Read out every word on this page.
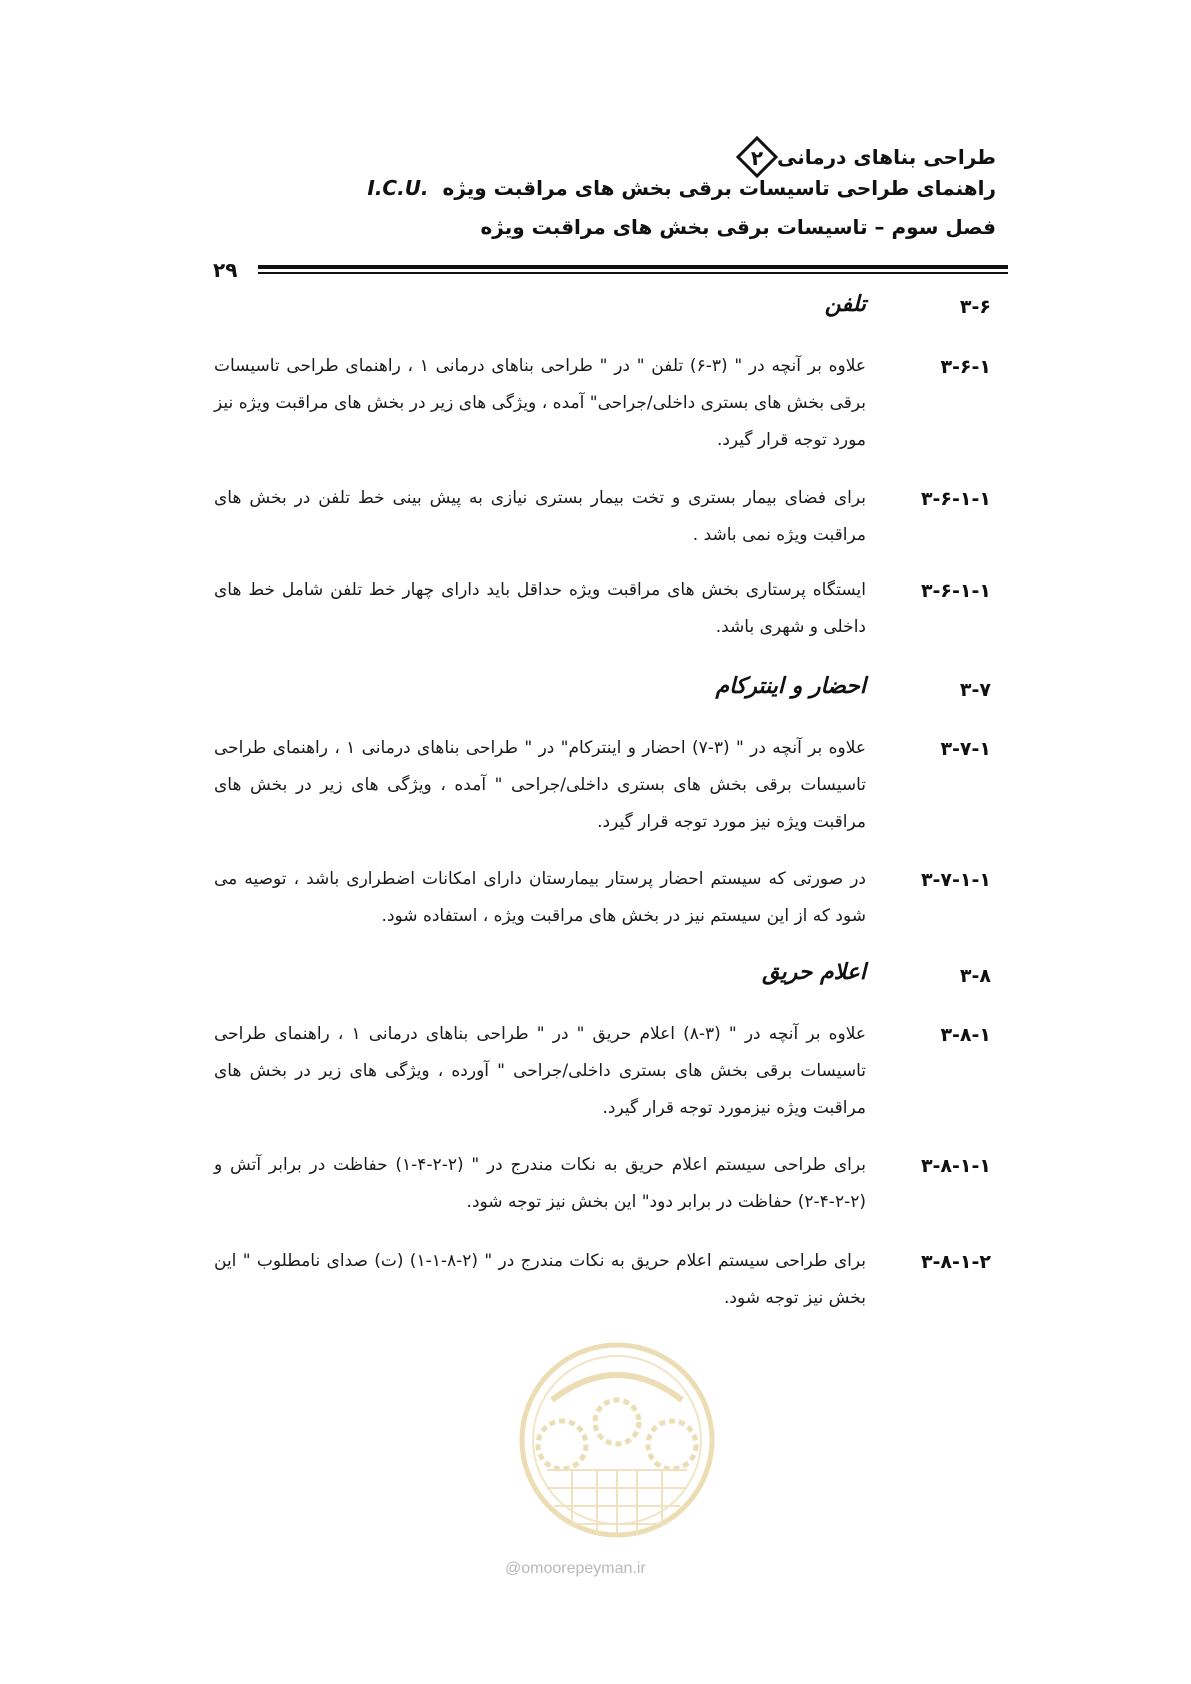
طراحی بناهای درمانی
۲
راهنمای طراحی تاسیسات برقی بخش های مراقبت ویژهI.C.U.
فصل سوم – تاسیسات برقی بخش های مراقبت ویژه
۲۹
۳-۶
تلفن
۳-۶-۱
علاوه بر آنچه در " (۳-۶) تلفن " در " طراحی بناهای درمانی ۱ ، راهنمای طراحی تاسیسات برقی بخش های بستری داخلی/جراحی" آمده ، ویژگی های زیر در بخش های مراقبت ویژه نیز مورد توجه قرار گیرد.
۳-۶-۱-۱
برای فضای بیمار بستری و تخت بیمار بستری نیازی به پیش بینی خط تلفن در بخش های مراقبت ویژه نمی باشد .
۳-۶-۱-۱
ایستگاه پرستاری بخش های مراقبت ویژه حداقل باید دارای چهار خط تلفن شامل خط های داخلی و شهری باشد.
۳-۷
احضار و اینترکام
۳-۷-۱
علاوه بر آنچه در " (۳-۷) احضار و اینترکام" در " طراحی بناهای درمانی ۱ ، راهنمای طراحی تاسیسات برقی بخش های بستری داخلی/جراحی " آمده ، ویژگی های زیر در بخش های مراقبت ویژه نیز مورد توجه قرار گیرد.
۳-۷-۱-۱
در صورتی که سیستم احضار پرستار بیمارستان دارای امکانات اضطراری باشد ، توصیه می شود که از این سیستم نیز در بخش های مراقبت ویژه ، استفاده شود.
۳-۸
اعلام حریق
۳-۸-۱
علاوه بر آنچه در " (۳-۸) اعلام حریق " در " طراحی بناهای درمانی ۱ ، راهنمای طراحی تاسیسات برقی بخش های بستری داخلی/جراحی " آورده ، ویژگی های زیر در بخش های مراقبت ویژه نیزمورد توجه قرار گیرد.
۳-۸-۱-۱
برای طراحی سیستم اعلام حریق به نکات مندرج در " (۲-۲-۴-۱) حفاظت در برابر آتش و (۲-۲-۴-۲) حفاظت در برابر دود" این بخش نیز توجه شود.
۳-۸-۱-۲
برای طراحی سیستم اعلام حریق به نکات مندرج در " (۲-۸-۱-۱) (ت) صدای نامطلوب " این بخش نیز توجه شود.
@omoorepeyman.ir
